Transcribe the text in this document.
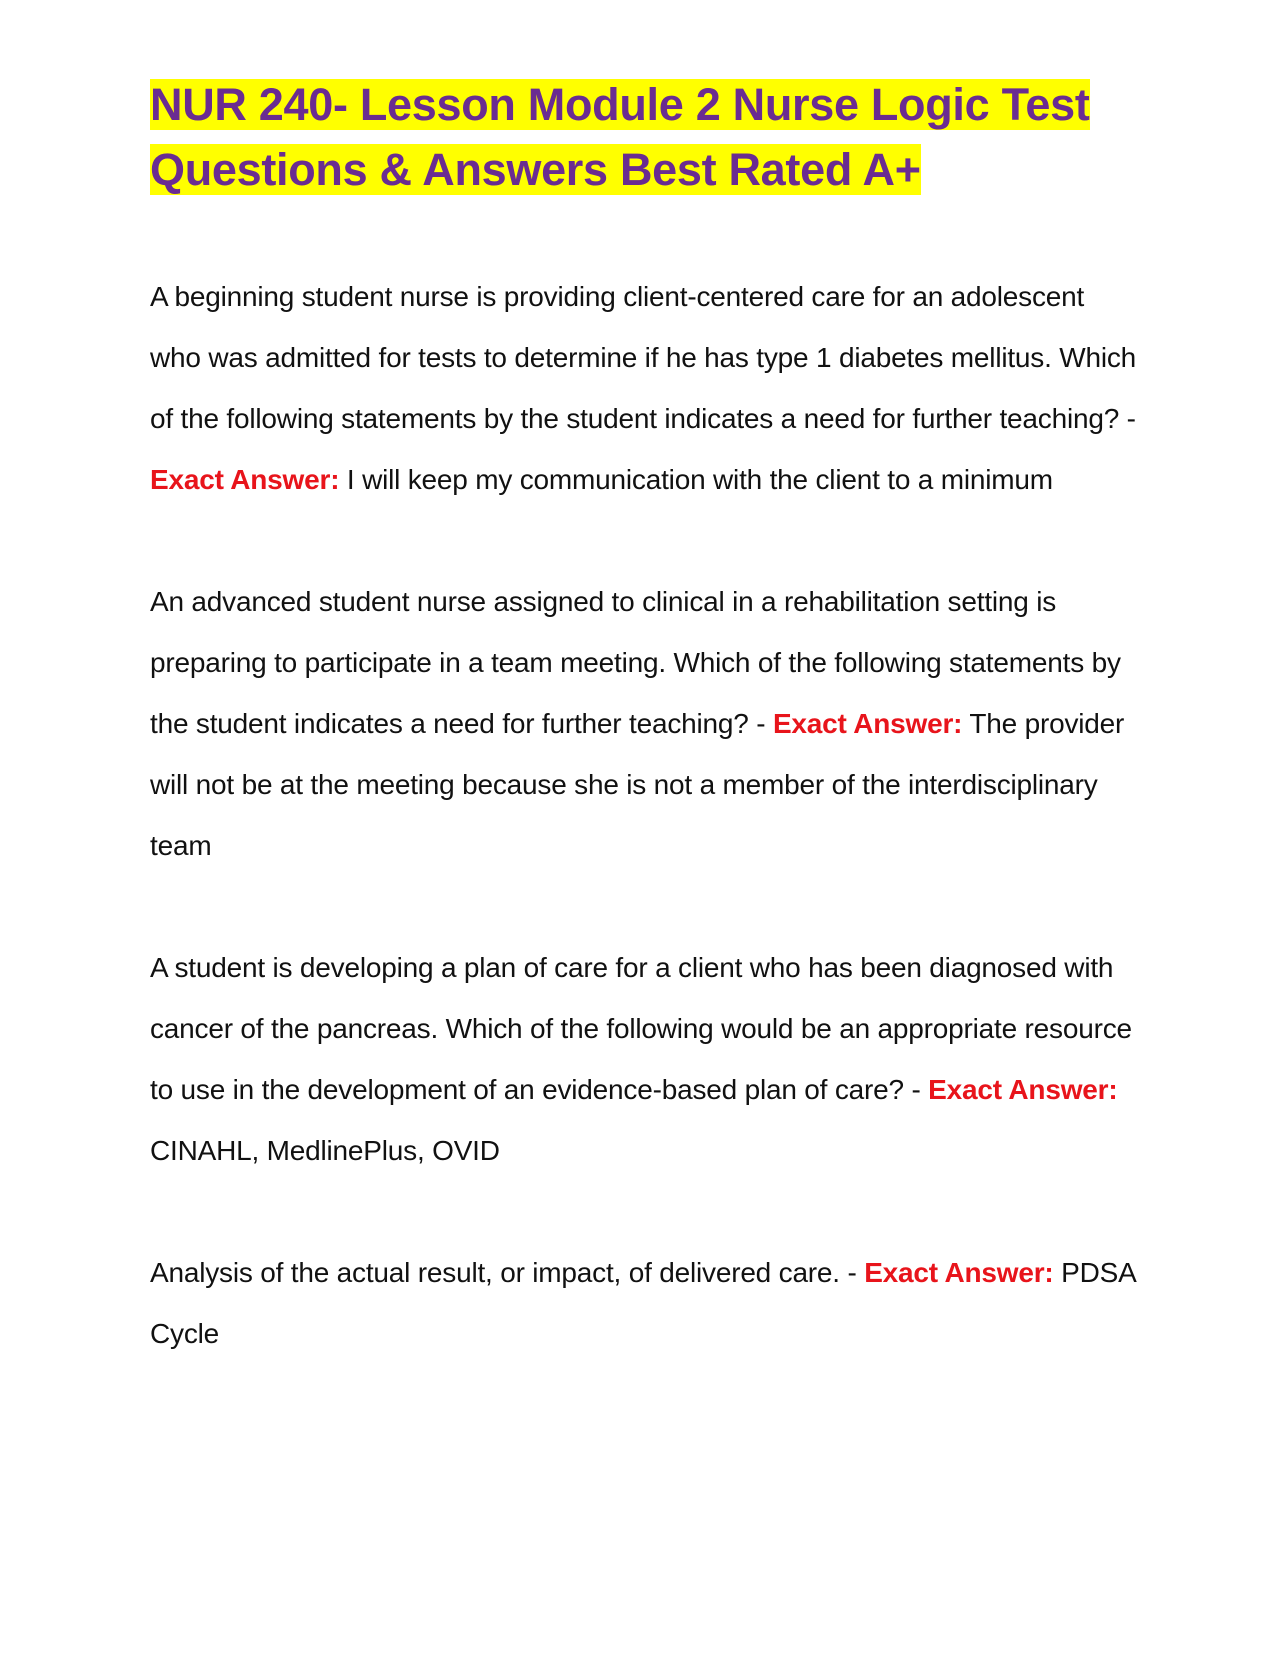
NUR 240- Lesson Module 2 Nurse Logic Test Questions & Answers Best Rated A+

A beginning student nurse is providing client-centered care for an adolescent who was admitted for tests to determine if he has type 1 diabetes mellitus. Which of the following statements by the student indicates a need for further teaching? - Exact Answer: I will keep my communication with the client to a minimum

An advanced student nurse assigned to clinical in a rehabilitation setting is preparing to participate in a team meeting. Which of the following statements by the student indicates a need for further teaching? - Exact Answer: The provider will not be at the meeting because she is not a member of the interdisciplinary team

A student is developing a plan of care for a client who has been diagnosed with cancer of the pancreas. Which of the following would be an appropriate resource to use in the development of an evidence-based plan of care? - Exact Answer: CINAHL, MedlinePlus, OVID

Analysis of the actual result, or impact, of delivered care. - Exact Answer: PDSA Cycle
